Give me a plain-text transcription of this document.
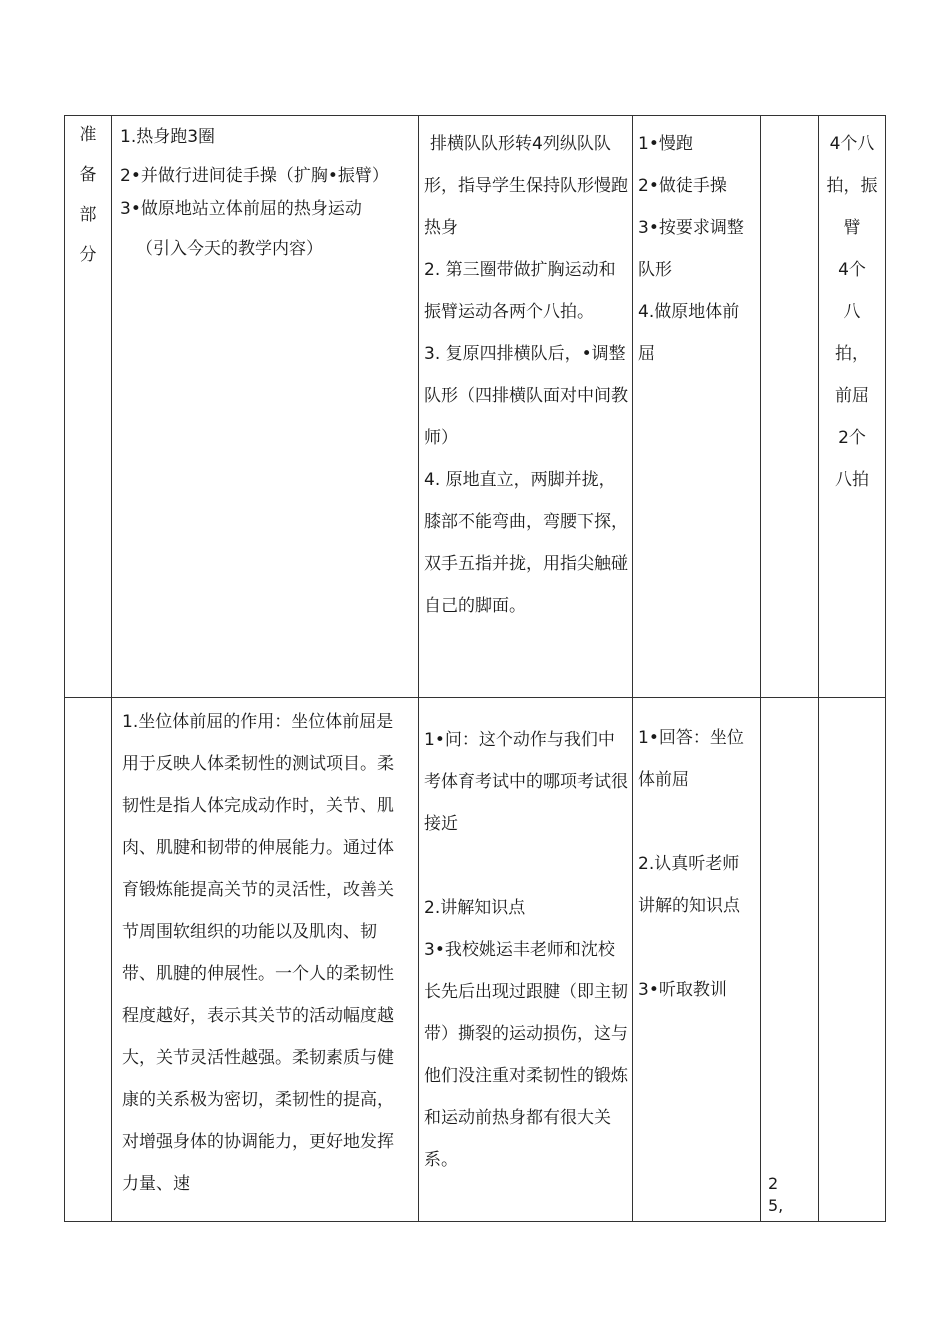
准
备
部
分

1.热身跑3圈

2•并做行进间徒手操（扩胸•振臂）

3•做原地站立体前屈的热身运动

（引入今天的教学内容）

排横队队形转4列纵队队形，指导学生保持队形慢跑热身
2. 第三圈带做扩胸运动和振臂运动各两个八拍。
3. 复原四排横队后，•调整队形（四排横队面对中间教师）
4. 原地直立，两脚并拢，膝部不能弯曲，弯腰下探，双手五指并拢，用指尖触碰自己的脚面。

1•慢跑
2•做徒手操
3•按要求调整队形
4.做原地体前屈

4个八拍，振臂
4个
八
拍，
前屈
2个
八拍

1.坐位体前屈的作用：坐位体前屈是用于反映人体柔韧性的测试项目。柔韧性是指人体完成动作时，关节、肌肉、肌腱和韧带的伸展能力。通过体育锻炼能提高关节的灵活性，改善关节周围软组织的功能以及肌肉、韧带、肌腱的伸展性。一个人的柔韧性程度越好，表示其关节的活动幅度越大，关节灵活性越强。柔韧素质与健康的关系极为密切，柔韧性的提高，对增强身体的协调能力，更好地发挥力量、速

1•问：这个动作与我们中考体育考试中的哪项考试很接近

2.讲解知识点
3•我校姚运丰老师和沈校长先后出现过跟腱（即主韧带）撕裂的运动损伤，这与他们没注重对柔韧性的锻炼和运动前热身都有很大关系。

1•回答：坐位体前屈

2.认真听老师讲解的知识点

3•听取教训

2
5,
